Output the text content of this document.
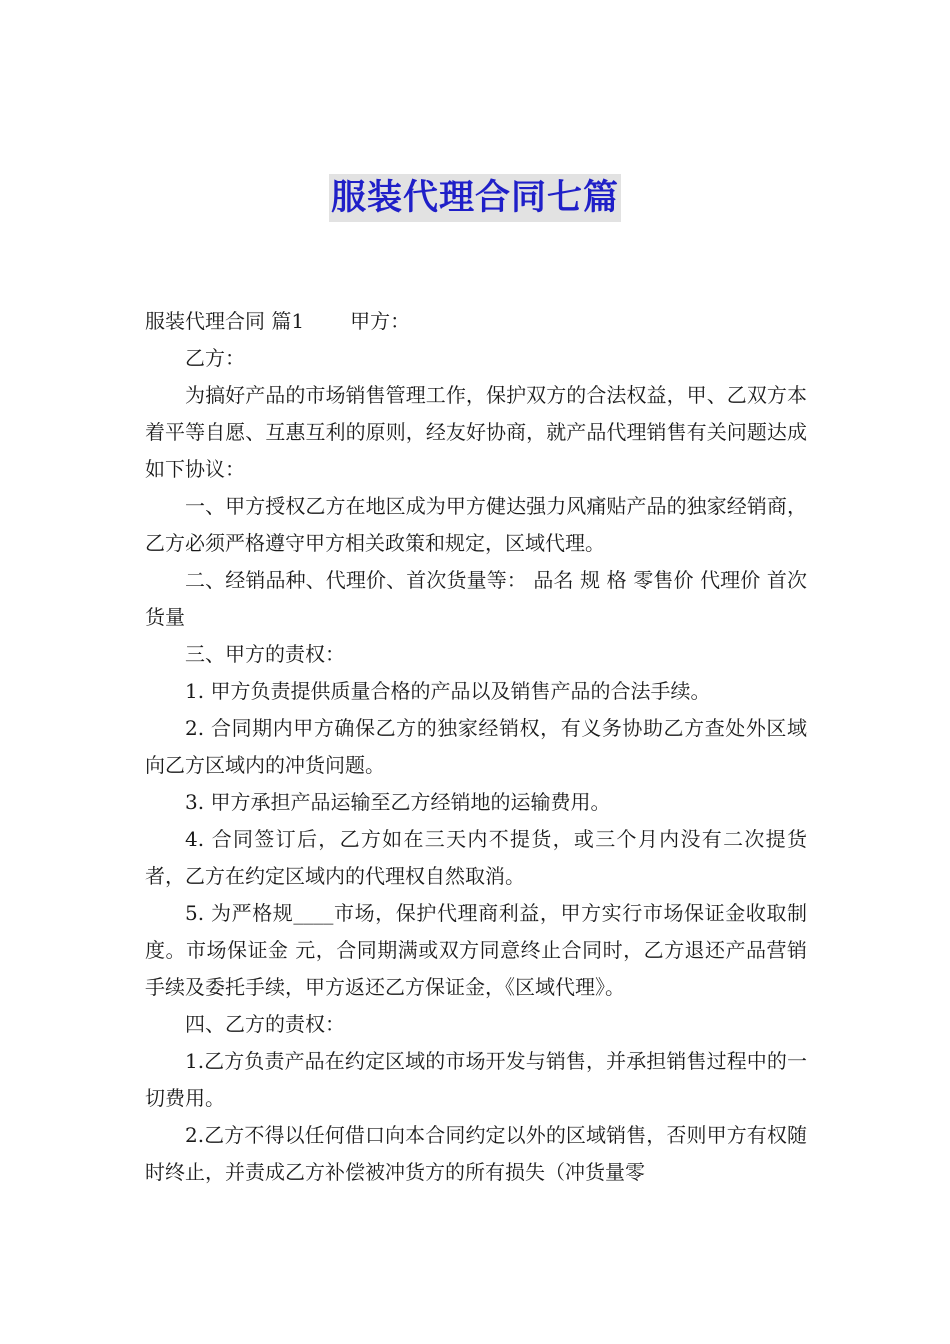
服装代理合同七篇

服装代理合同 篇1 甲方：

乙方：

为搞好产品的市场销售管理工作，保护双方的合法权益，甲、乙双方本着平等自愿、互惠互利的原则，经友好协商，就产品代理销售有关问题达成如下协议：

一、甲方授权乙方在地区成为甲方健达强力风痛贴产品的独家经销商，乙方必须严格遵守甲方相关政策和规定，区域代理。

二、经销品种、代理价、首次货量等： 品名 规 格 零售价 代理价 首次货量

三、甲方的责权：

1. 甲方负责提供质量合格的产品以及销售产品的合法手续。

2. 合同期内甲方确保乙方的独家经销权，有义务协助乙方查处外区域向乙方区域内的冲货问题。

3. 甲方承担产品运输至乙方经销地的运输费用。

4. 合同签订后，乙方如在三天内不提货，或三个月内没有二次提货者，乙方在约定区域内的代理权自然取消。

5. 为严格规____市场，保护代理商利益，甲方实行市场保证金收取制度。市场保证金 元，合同期满或双方同意终止合同时，乙方退还产品营销手续及委托手续，甲方返还乙方保证金，《区域代理》。

四、乙方的责权：

1.乙方负责产品在约定区域的市场开发与销售，并承担销售过程中的一切费用。

2.乙方不得以任何借口向本合同约定以外的区域销售，否则甲方有权随时终止，并责成乙方补偿被冲货方的所有损失（冲货量零
